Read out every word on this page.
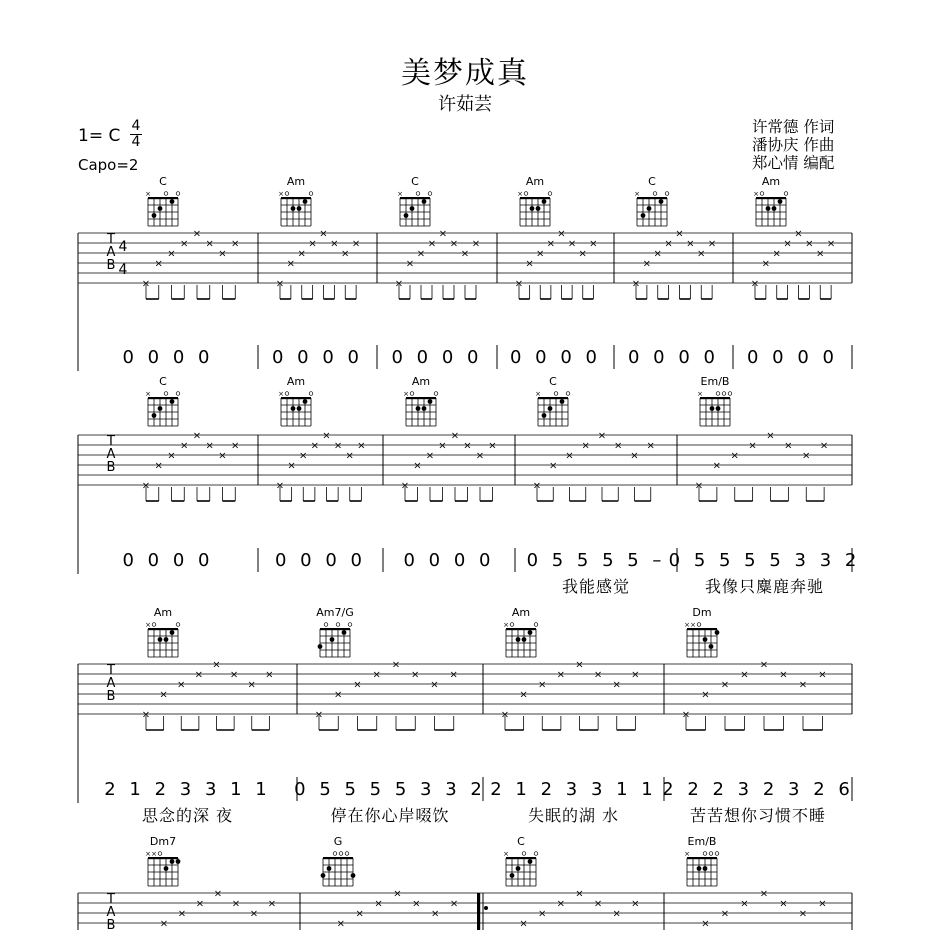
美梦成真
许茹芸
1= C 4
4
Capo=2
许常德 作词
潘协庆 作曲
郑心情 编配
T
A
B
4
4
C
×
×
×
×
×
×
×
×
×
Am
×
×
×
×
×
×
×
×
×
C
×
×
×
×
×
×
×
×
×
Am
×
×
×
×
×
×
×
×
×
C
×
×
×
×
×
×
×
×
×
Am
×
×
×
×
×
×
×
×
×
0 0 0 0	0 0 0 0 0 0 0 0 0 0 0 0 0 0 0 0 0 0 0 0
T
A
B
C
×
×
×
×
×
×
×
×
×
Am
×
×
×
×
×
×
×
×
×
Am
×
×
×
×
×
×
×
×
×
C
×
×
×
×
×
×
×
×
×
Em/B
×
×
×
×
×
×
×
×
×
0 0 0 0	0 0 0 0 0 0 0 0 0 5 5 5 5 –
我能感觉
0 5 5 5 5 3 3 2
我像只麋鹿奔驰
T
A
B
Am
×
×
×
×
×
×
×
×
×
Am7/G
×
×
×
×
×
×
×
×
Am
×
×
×
×
×
×
×
×
×
Dm
× ×
×
×
×
×
×
×
×
×
2 1 2 3 3 1 1
思念的深 夜
0 5 5 5 5 3 3 2
停在你心岸啜饮
2 1 2 3 3 1 1
失眠的湖 水
2 2 2 3 2 3 2 6
苦苦想你习惯不睡
T
A
B
Dm7
× ×
×
×
×
×
×
×
×
G
×
×
×
×
×
×
×
C
×
×
×
×
×
×
×
×
Em/B
×
×
×
×
×
×
×
×
